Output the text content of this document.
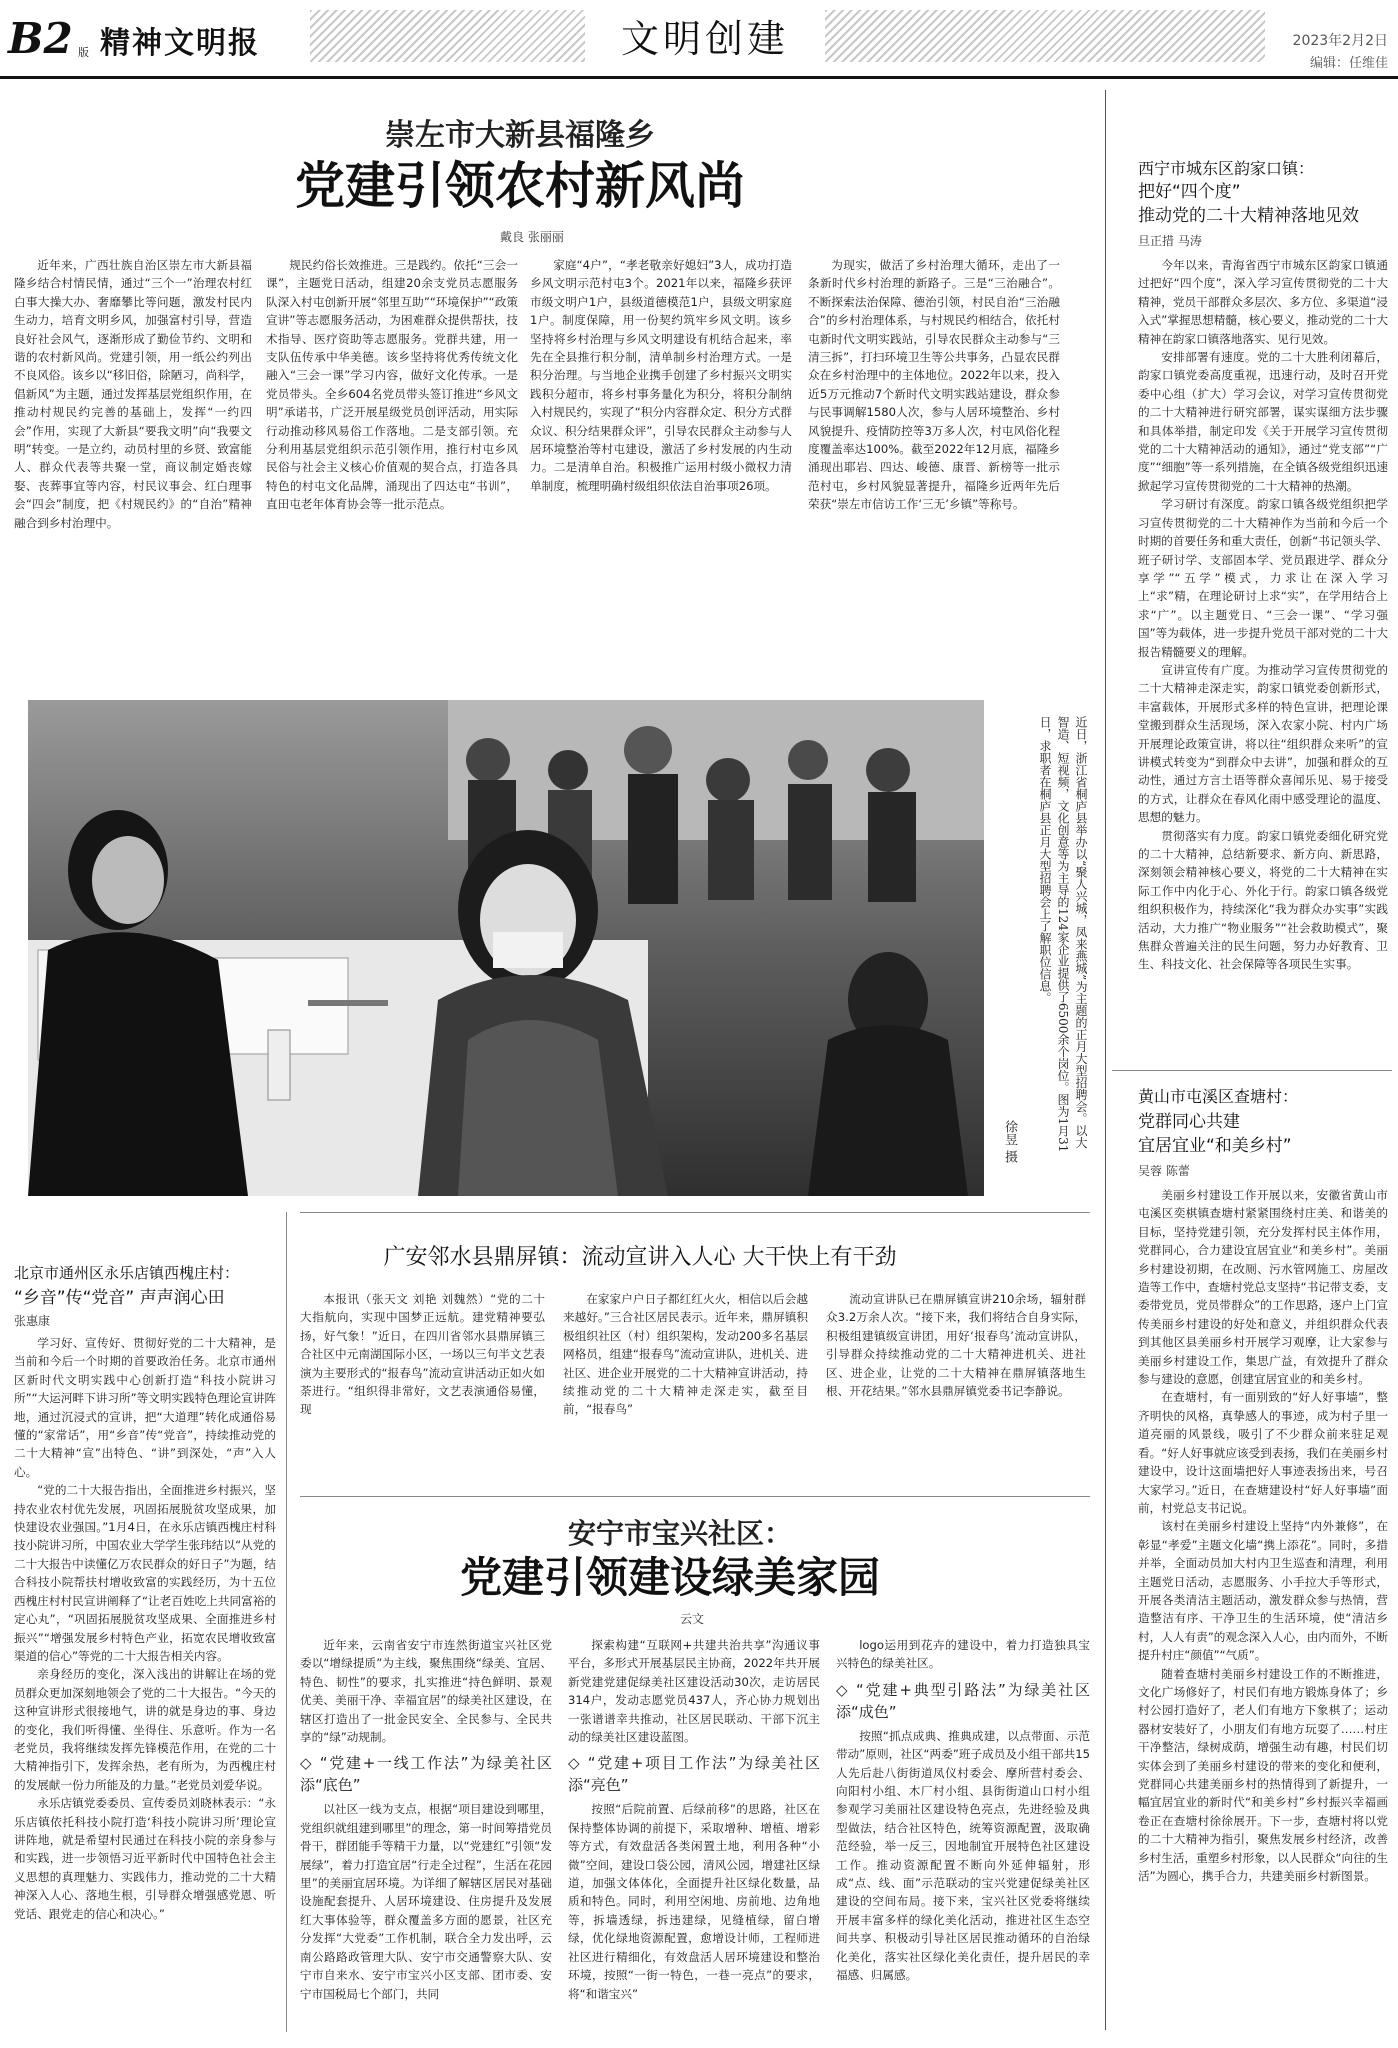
B2 版 精神文明报	文明创建	2023年2月2日
编辑：任维佳
崇左市大新县福隆乡
党建引领农村新风尚
戴良 张丽丽

近年来，广西壮族自治区崇左市大新县福隆乡结合村情民情，通过“三个一”治理农村红白事大操大办、奢靡攀比等问题，激发村民内生动力，培育文明乡风，加强富村引导，营造良好社会风气，逐渐形成了勤俭节约、文明和谐的农村新风尚。党建引领，用一纸公约列出不良风俗。该乡以“移旧俗，除陋习，尚科学，倡新风”为主题，通过发挥基层党组织作用，在推动村规民约完善的基础上，发挥“一约四会”作用，实现了大新县“要我文明”向“我要文明”转变。一是立约，动员村里的乡贤、致富能人、群众代表等共聚一堂，商议制定婚丧嫁娶、丧葬事宜等内容，村民议事会、红白理事会“四会”制度，把《村规民约》的“自治”精神融合到乡村治理中。

规民约俗长效推进。三是践约。依托“三会一课”，主题党日活动，组建20余支党员志愿服务队深入村屯创新开展“邻里互助”“环境保护”“政策宣讲”等志愿服务活动，为困难群众提供帮扶，技术指导、医疗资助等志愿服务。党群共建，用一支队伍传承中华美德。该乡坚持将优秀传统文化融入“三会一课”学习内容，做好文化传承。一是党员带头。全乡604名党员带头签订推进“乡风文明”承诺书，广泛开展星级党员创评活动，用实际行动推动移风易俗工作落地。二是支部引领。充分利用基层党组织示范引领作用，推行村屯乡风民俗与社会主义核心价值观的契合点，打造各具特色的村屯文化品牌，涌现出了四达屯“书训”，直田屯老年体育协会等一批示范点。

家庭“4户”，“孝老敬亲好媳妇”3人，成功打造乡风文明示范村屯3个。2021年以来，福隆乡获评市级文明户1户，县级道德模范1户，县级文明家庭1户。制度保障，用一份契约筑牢乡风文明。该乡坚持将乡村治理与乡风文明建设有机结合起来，率先在全县推行积分制，清单制乡村治理方式。一是积分治理。与当地企业携手创建了乡村振兴文明实践积分超市，将乡村事务量化为积分，将积分制纳入村规民约，实现了“积分内容群众定、积分方式群众议、积分结果群众评”，引导农民群众主动参与人居环境整治等村屯建设，激活了乡村发展的内生动力。二是清单自治。积极推广运用村级小微权力清单制度，梳理明确村级组织依法自治事项26项。

为现实，做活了乡村治理大循环，走出了一条新时代乡村治理的新路子。三是“三治融合”。不断探索法治保障、德治引领，村民自治“三治融合”的乡村治理体系，与村规民约相结合，依托村屯新时代文明实践站，引导农民群众主动参与“三清三拆”，打扫环境卫生等公共事务，凸显农民群众在乡村治理中的主体地位。2022年以来，投入近5万元推动7个新时代文明实践站建设，群众参与民事调解1580人次，参与人居环境整治、乡村风貌提升、疫情防控等3万多人次，村屯风俗化程度覆盖率达100%。截至2022年12月底，福隆乡涌现出耶岩、四达、峻德、康晋、新榜等一批示范村屯，乡村风貌显著提升，福隆乡近两年先后荣获“崇左市信访工作‘三无’乡镇”等称号。

西宁市城东区韵家口镇：
把好“四个度”
推动党的二十大精神落地见效
旦正措 马涛

今年以来，青海省西宁市城东区韵家口镇通过把好“四个度”，深入学习宣传贯彻党的二十大精神，党员干部群众多层次、多方位、多渠道“浸入式”掌握思想精髓，核心要义，推动党的二十大精神在韵家口镇落地落实、见行见效。

安排部署有速度。党的二十大胜利闭幕后，韵家口镇党委高度重视，迅速行动，及时召开党委中心组（扩大）学习会议，对学习宣传贯彻党的二十大精神进行研究部署，谋实谋细方法步骤和具体举措，制定印发《关于开展学习宣传贯彻党的二十大精神活动的通知》，通过“党支部”“广度”“细胞”等一系列措施，在全镇各级党组织迅速掀起学习宣传贯彻党的二十大精神的热潮。

学习研讨有深度。韵家口镇各级党组织把学习宣传贯彻党的二十大精神作为当前和今后一个时期的首要任务和重大责任，创新“书记领头学、班子研讨学、支部固本学、党员跟进学、群众分享学”“五学”模式，力求让在深入学习上“求”精，在理论研讨上求“实”，在学用结合上求“广”。以主题党日、“三会一课”、“学习强国”等为载体，进一步提升党员干部对党的二十大报告精髓要义的理解。

宣讲宣传有广度。为推动学习宣传贯彻党的二十大精神走深走实，韵家口镇党委创新形式，丰富载体，开展形式多样的特色宣讲，把理论课堂搬到群众生活现场，深入农家小院、村内广场开展理论政策宣讲，将以往“组织群众来听”的宣讲模式转变为“到群众中去讲”，加强和群众的互动性，通过方言土语等群众喜闻乐见、易于接受的方式，让群众在春风化雨中感受理论的温度、思想的魅力。

贯彻落实有力度。韵家口镇党委细化研究党的二十大精神，总结新要求、新方向、新思路，深刻领会精神核心要义，将党的二十大精神在实际工作中内化于心、外化于行。韵家口镇各级党组织积极作为，持续深化“我为群众办实事”实践活动，大力推广“物业服务”“社会救助模式”，聚焦群众普遍关注的民生问题，努力办好教育、卫生、科技文化、社会保障等各项民生实事。

近日，浙江省桐庐县举办以“聚人兴城，凤来燕城”为主题的正月大型招聘会。以大智造、短视频，文化创意等为主导的124家企业提供了6500余个岗位。图为1月31日，求职者在桐庐县正月大型招聘会上了解职位信息。
徐昱 摄
黄山市屯溪区查塘村：
党群同心共建
宜居宜业“和美乡村”
吴蓉 陈蕾

美丽乡村建设工作开展以来，安徽省黄山市屯溪区奕棋镇查塘村紧紧围绕村庄美、和谐美的目标，坚持党建引领，充分发挥村民主体作用，党群同心，合力建设宜居宜业“和美乡村”。美丽乡村建设初期，在改厕、污水管网施工、房屋改造等工作中，查塘村党总支坚持“书记带支委，支委带党员，党员带群众”的工作思路，逐户上门宣传美丽乡村建设的好处和意义，并组织群众代表到其他区县美丽乡村开展学习观摩，让大家参与美丽乡村建设工作，集思广益，有效提升了群众参与建设的意愿，创建宜居宜业的和美乡村。

在查塘村，有一面别致的“好人好事墙”，整齐明快的风格，真挚感人的事迹，成为村子里一道亮丽的风景线，吸引了不少群众前来驻足观看。“好人好事就应该受到表扬，我们在美丽乡村建设中，设计这面墙把好人事迹表扬出来，号召大家学习。”近日，在查塘建设村“好人好事墙”面前，村党总支书记说。

该村在美丽乡村建设上坚持“内外兼修”，在彰显“孝爱”主题文化墙“携上添花”。同时，多措并举，全面动员加大村内卫生巡查和清理，利用主题党日活动，志愿服务、小手拉大手等形式，开展各类清洁主题活动，激发群众参与热情，营造整洁有序、干净卫生的生活环境，使“清洁乡村，人人有责”的观念深入人心，由内而外，不断提升村庄“颜值”“气质”。

随着查塘村美丽乡村建设工作的不断推进，文化广场修好了，村民们有地方锻炼身体了；乡村公园打造好了，老人们有地方下象棋了；运动器材安装好了，小朋友们有地方玩耍了……村庄干净整洁，绿树成荫，增强生动有趣，村民们切实体会到了美丽乡村建设的带来的变化和便利，党群同心共建美丽乡村的热情得到了新提升，一幅宜居宜业的新时代“和美乡村”乡村振兴幸福画卷正在查塘村徐徐展开。下一步，查塘村将以党的二十大精神为指引，聚焦发展乡村经济，改善乡村生活，重塑乡村形象，以人民群众“向往的生活”为圆心，携手合力，共建美丽乡村新图景。

广安邻水县鼎屏镇：流动宣讲入人心 大干快上有干劲

本报讯（张天文 刘艳 刘魏然）“党的二十大指航向，实现中国梦正远航。建党精神要弘扬，好气象！”近日，在四川省邻水县鼎屏镇三合社区中元南湖国际小区，一场以三句半文艺表演为主要形式的“报春鸟”流动宣讲活动正如火如荼进行。“组织得非常好，文艺表演通俗易懂，现

在家家户户日子都红红火火，相信以后会越来越好。”三合社区居民表示。近年来，鼎屏镇积极组织社区（村）组织架构，发动200多名基层网格员，组建“报春鸟”流动宣讲队，进机关、进社区、进企业开展党的二十大精神宣讲活动，持续推动党的二十大精神走深走实，截至目前，“报春鸟”

流动宣讲队已在鼎屏镇宣讲210余场，辐射群众3.2万余人次。“接下来，我们将结合自身实际，积极组建镇级宣讲团，用好‘报春鸟’流动宣讲队，引导群众持续推动党的二十大精神进机关、进社区、进企业，让党的二十大精神在鼎屏镇落地生根、开花结果。”邻水县鼎屏镇党委书记李静说。

北京市通州区永乐店镇西槐庄村：
“乡音”传“党音” 声声润心田
张惠康

学习好、宣传好、贯彻好党的二十大精神，是当前和今后一个时期的首要政治任务。北京市通州区新时代文明实践中心创新打造“科技小院讲习所”“大运河畔下讲习所”等文明实践特色理论宣讲阵地，通过沉浸式的宣讲，把“大道理”转化成通俗易懂的“家常话”，用“乡音”传“党音”，持续推动党的二十大精神“宣”出特色、“讲”到深处，“声”入人心。

“党的二十大报告指出，全面推进乡村振兴，坚持农业农村优先发展，巩固拓展脱贫攻坚成果，加快建设农业强国。”1月4日，在永乐店镇西槐庄村科技小院讲习所，中国农业大学学生张玮结以“从党的二十大报告中读懂亿万农民群众的好日子”为题，结合科技小院帮扶村增收致富的实践经历，为十五位西槐庄村村民宣讲阐释了“让老百姓吃上共同富裕的定心丸”，“巩固拓展脱贫攻坚成果、全面推进乡村振兴”“增强发展乡村特色产业，拓宽农民增收致富渠道的信心”等党的二十大报告相关内容。

亲身经历的变化，深入浅出的讲解让在场的党员群众更加深刻地领会了党的二十大报告。“今天的这种宣讲形式很接地气，讲的就是身边的事、身边的变化，我们听得懂、坐得住、乐意听。作为一名老党员，我将继续发挥先锋模范作用，在党的二十大精神指引下，发挥余热，老有所为，为西槐庄村的发展献一份力所能及的力量。”老党员刘爱华说。

永乐店镇党委委员、宣传委员刘晓林表示：“永乐店镇依托科技小院打造‘科技小院讲习所’理论宣讲阵地，就是希望村民通过在科技小院的亲身参与和实践，进一步领悟习近平新时代中国特色社会主义思想的真理魅力、实践伟力，推动党的二十大精神深入人心、落地生根，引导群众增强感党恩、听党话、跟党走的信心和决心。”

安宁市宝兴社区：
党建引领建设绿美家园
云文

近年来，云南省安宁市连然街道宝兴社区党委以“增绿提质”为主线，聚焦围绕“绿美、宜居、特色、韧性”的要求，扎实推进“持色鲜明、景观优美、美丽干净、幸福宜居”的绿美社区建设，在辖区打造出了一批金民安全、全民参与、全民共享的“绿”动规制。

◇ “党建+一线工作法”为绿美社区添“底色”

以社区一线为支点，根据“项目建设到哪里，党组织就组建到哪里”的理念，第一时间筹措党员骨干，群团能手等精干力量，以“党建红”引领“发展绿”，着力打造宜居“行走全过程”，生活在花园里”的美丽宜居环境。为详细了解辖区居民对基础设施配套提升、人居环境建设、住房提升及发展红大事体验等，群众覆盖多方面的愿景，社区充分发挥“大党委”工作机制，联合全力发出呼，云南公路路政管理大队、安宁市交通警察大队、安宁市自来水、安宁市宝兴小区支部、团市委、安宁市国税局七个部门，共同

探索构建“互联网+共建共治共享”沟通议事平台，多形式开展基层民主协商，2022年共开展新党建党建促绿美社区建设活动30次，走访居民314户，发动志愿党员437人，齐心协力规划出一张谱谱幸共推动，社区居民联动、干部下沉主动的绿美社区建设蓝图。

◇ “党建+项目工作法”为绿美社区添“亮色”

按照“后院前置、后绿前移”的思路，社区在保持整体协调的前提下，采取增种、增植、增彩等方式，有效盘活各类闲置土地，利用各种“小微”空间，建设口袋公园，清风公园，增建社区绿道，加强文体体化，全面提升社区绿化数量，品质和特色。同时，利用空闲地、房前地、边角地等，拆墙透绿，拆违建绿，见缝植绿，留白增绿，优化绿地资源配置，愈增设计师，工程师进社区进行精细化，有效盘活人居环境建设和整治环境，按照“一街一特色，一巷一亮点”的要求，将“和谐宝兴”

logo运用到花卉的建设中，着力打造独具宝兴特色的绿美社区。

◇ “党建+典型引路法”为绿美社区添“成色”

按照“抓点成典、推典成建，以点带面、示范带动”原则，社区“两委”班子成员及小组干部共15人先后赴八街街道凤仪村委会、摩所营村委会、向阳村小组、木厂村小组、县街街道山口村小组参观学习美丽社区建设特色亮点，先进经验及典型做法，结合社区特色，统筹资源配置，汲取确范经验，举一反三，因地制宜开展特色社区建设工作。推动资源配置不断向外延伸辐射，形成“点、线、面”示范联动的宝兴党建促绿美社区建设的空间布局。接下来，宝兴社区党委将继续开展丰富多样的绿化美化活动，推进社区生态空间共享、积极动引导社区居民推动循环的自治绿化美化，落实社区绿化美化责任，提升居民的幸福感、归属感。
